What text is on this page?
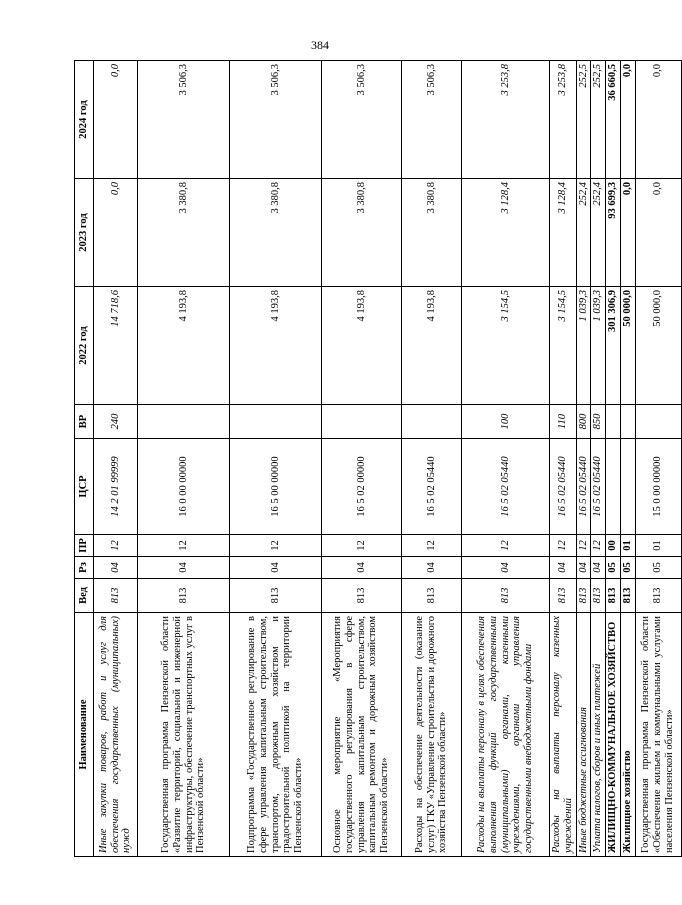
384
Наименование	Вед	Рз	ПР	ЦСР	ВР	2022 год	2023 год	2024 год
Иные закупки товаров, работ и услуг для обеспечения государственных (муниципальных) нужд	813	04	12	14 2 01 99999	240	14 718,6	0,0	0,0
Государственная программа Пензенской области «Развитие территорий, социальной и инженерной инфраструктуры, обеспечение транспортных услуг в Пензенской области»	813	04	12	16 0 00 00000		4 193,8	3 380,8	3 506,3
Подпрограмма «Государственное регулирование в сфере управления капитальным строительством, транспортом, дорожным хозяйством и градостроительной политикой на территории Пензенской области»	813	04	12	16 5 00 00000		4 193,8	3 380,8	3 506,3
Основное мероприятие «Мероприятия государственного регулирования в сфере управления капитальным строительством, капитальным ремонтом и дорожным хозяйством Пензенской области»	813	04	12	16 5 02 00000		4 193,8	3 380,8	3 506,3
Расходы на обеспечение деятельности (оказание услуг) ГКУ «Управление строительства и дорожного хозяйства Пензенской области»	813	04	12	16 5 02 05440		4 193,8	3 380,8	3 506,3
Расходы на выплаты персоналу в целях обеспечения выполнения функций государственными (муниципальными) органами, казенными учреждениями, органами управления государственными внебюджетными фондами	813	04	12	16 5 02 05440	100	3 154,5	3 128,4	3 253,8
Расходы на выплаты персоналу казенных учреждений	813	04	12	16 5 02 05440	110	3 154,5	3 128,4	3 253,8
Иные бюджетные ассигнования	813	04	12	16 5 02 05440	800	1 039,3	252,4	252,5
Уплата налогов, сборов и иных платежей	813	04	12	16 5 02 05440	850	1 039,3	252,4	252,5
ЖИЛИЩНО-КОММУНАЛЬНОЕ ХОЗЯЙСТВО	813	05	00			301 306,9	93 699,3	36 660,5
Жилищное хозяйство	813	05	01			50 000,0	0,0	0,0
Государственная программа Пензенской области «Обеспечение жильем и коммунальными услугами населения Пензенской области»	813	05	01	15 0 00 00000		50 000,0	0,0	0,0
